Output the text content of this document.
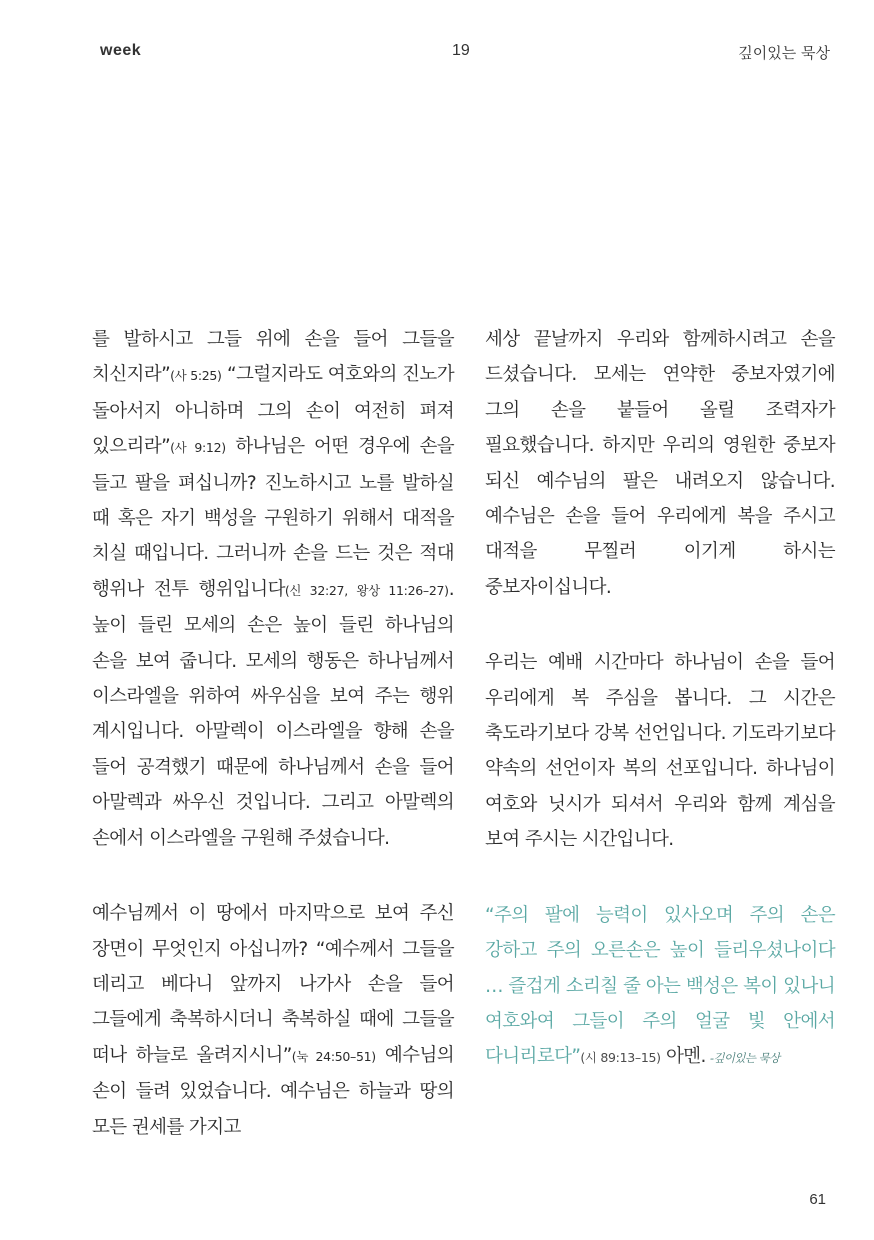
week	19	깊이있는 묵상

를 발하시고 그들 위에 손을 들어 그들을 치신지라”(사 5:25) “그럴지라도 여호와의 진노가 돌아서지 아니하며 그의 손이 여전히 펴져 있으리라”(사 9:12) 하나님은 어떤 경우에 손을 들고 팔을 펴십니까? 진노하시고 노를 발하실 때 혹은 자기 백성을 구원하기 위해서 대적을 치실 때입니다. 그러니까 손을 드는 것은 적대 행위나 전투 행위입니다(신 32:27, 왕상 11:26–27). 높이 들린 모세의 손은 높이 들린 하나님의 손을 보여 줍니다. 모세의 행동은 하나님께서 이스라엘을 위하여 싸우심을 보여 주는 행위 계시입니다. 아말렉이 이스라엘을 향해 손을 들어 공격했기 때문에 하나님께서 손을 들어 아말렉과 싸우신 것입니다. 그리고 아말렉의 손에서 이스라엘을 구원해 주셨습니다.

예수님께서 이 땅에서 마지막으로 보여 주신 장면이 무엇인지 아십니까? “예수께서 그들을 데리고 베다니 앞까지 나가사 손을 들어 그들에게 축복하시더니 축복하실 때에 그들을 떠나 하늘로 올려지시니”(눅 24:50–51) 예수님의 손이 들려 있었습니다. 예수님은 하늘과 땅의 모든 권세를 가지고

세상 끝날까지 우리와 함께하시려고 손을 드셨습니다. 모세는 연약한 중보자였기에 그의 손을 붙들어 올릴 조력자가 필요했습니다. 하지만 우리의 영원한 중보자 되신 예수님의 팔은 내려오지 않습니다. 예수님은 손을 들어 우리에게 복을 주시고 대적을 무찔러 이기게 하시는 중보자이십니다.

우리는 예배 시간마다 하나님이 손을 들어 우리에게 복 주심을 봅니다. 그 시간은 축도라기보다 강복 선언입니다. 기도라기보다 약속의 선언이자 복의 선포입니다. 하나님이 여호와 닛시가 되셔서 우리와 함께 계심을 보여 주시는 시간입니다.

“주의 팔에 능력이 있사오며 주의 손은 강하고 주의 오른손은 높이 들리우셨나이다 … 즐겁게 소리칠 줄 아는 백성은 복이 있나니 여호와여 그들이 주의 얼굴 빛 안에서 다니리로다”(시 89:13–15) 아멘. -깊이있는 묵상

61
